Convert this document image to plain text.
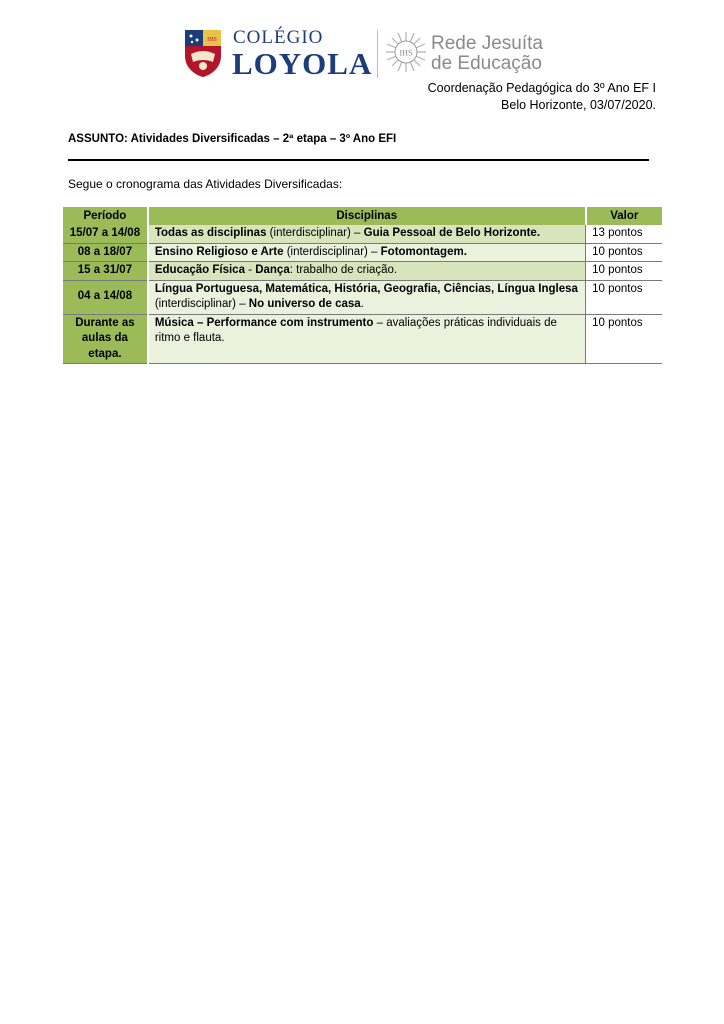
IHS COLÉGIO
LOYOLA	IHS Rede Jesuíta
de Educação
Coordenação Pedagógica do 3º Ano EF I
Belo Horizonte, 03/07/2020.
ASSUNTO: Atividades Diversificadas – 2ª etapa – 3º Ano EFI
Segue o cronograma das Atividades Diversificadas:
Período	Disciplinas	Valor
15/07 a 14/08	Todas as disciplinas (interdisciplinar) – Guia Pessoal de Belo Horizonte.	13 pontos
08 a 18/07	Ensino Religioso e Arte (interdisciplinar) – Fotomontagem.	10 pontos
15 a 31/07	Educação Física - Dança: trabalho de criação.	10 pontos
04 a 14/08	Língua Portuguesa, Matemática, História, Geografia, Ciências, Língua Inglesa (interdisciplinar) – No universo de casa.	10 pontos
Durante as aulas da etapa.	Música – Performance com instrumento – avaliações práticas individuais de ritmo e flauta.	10 pontos
